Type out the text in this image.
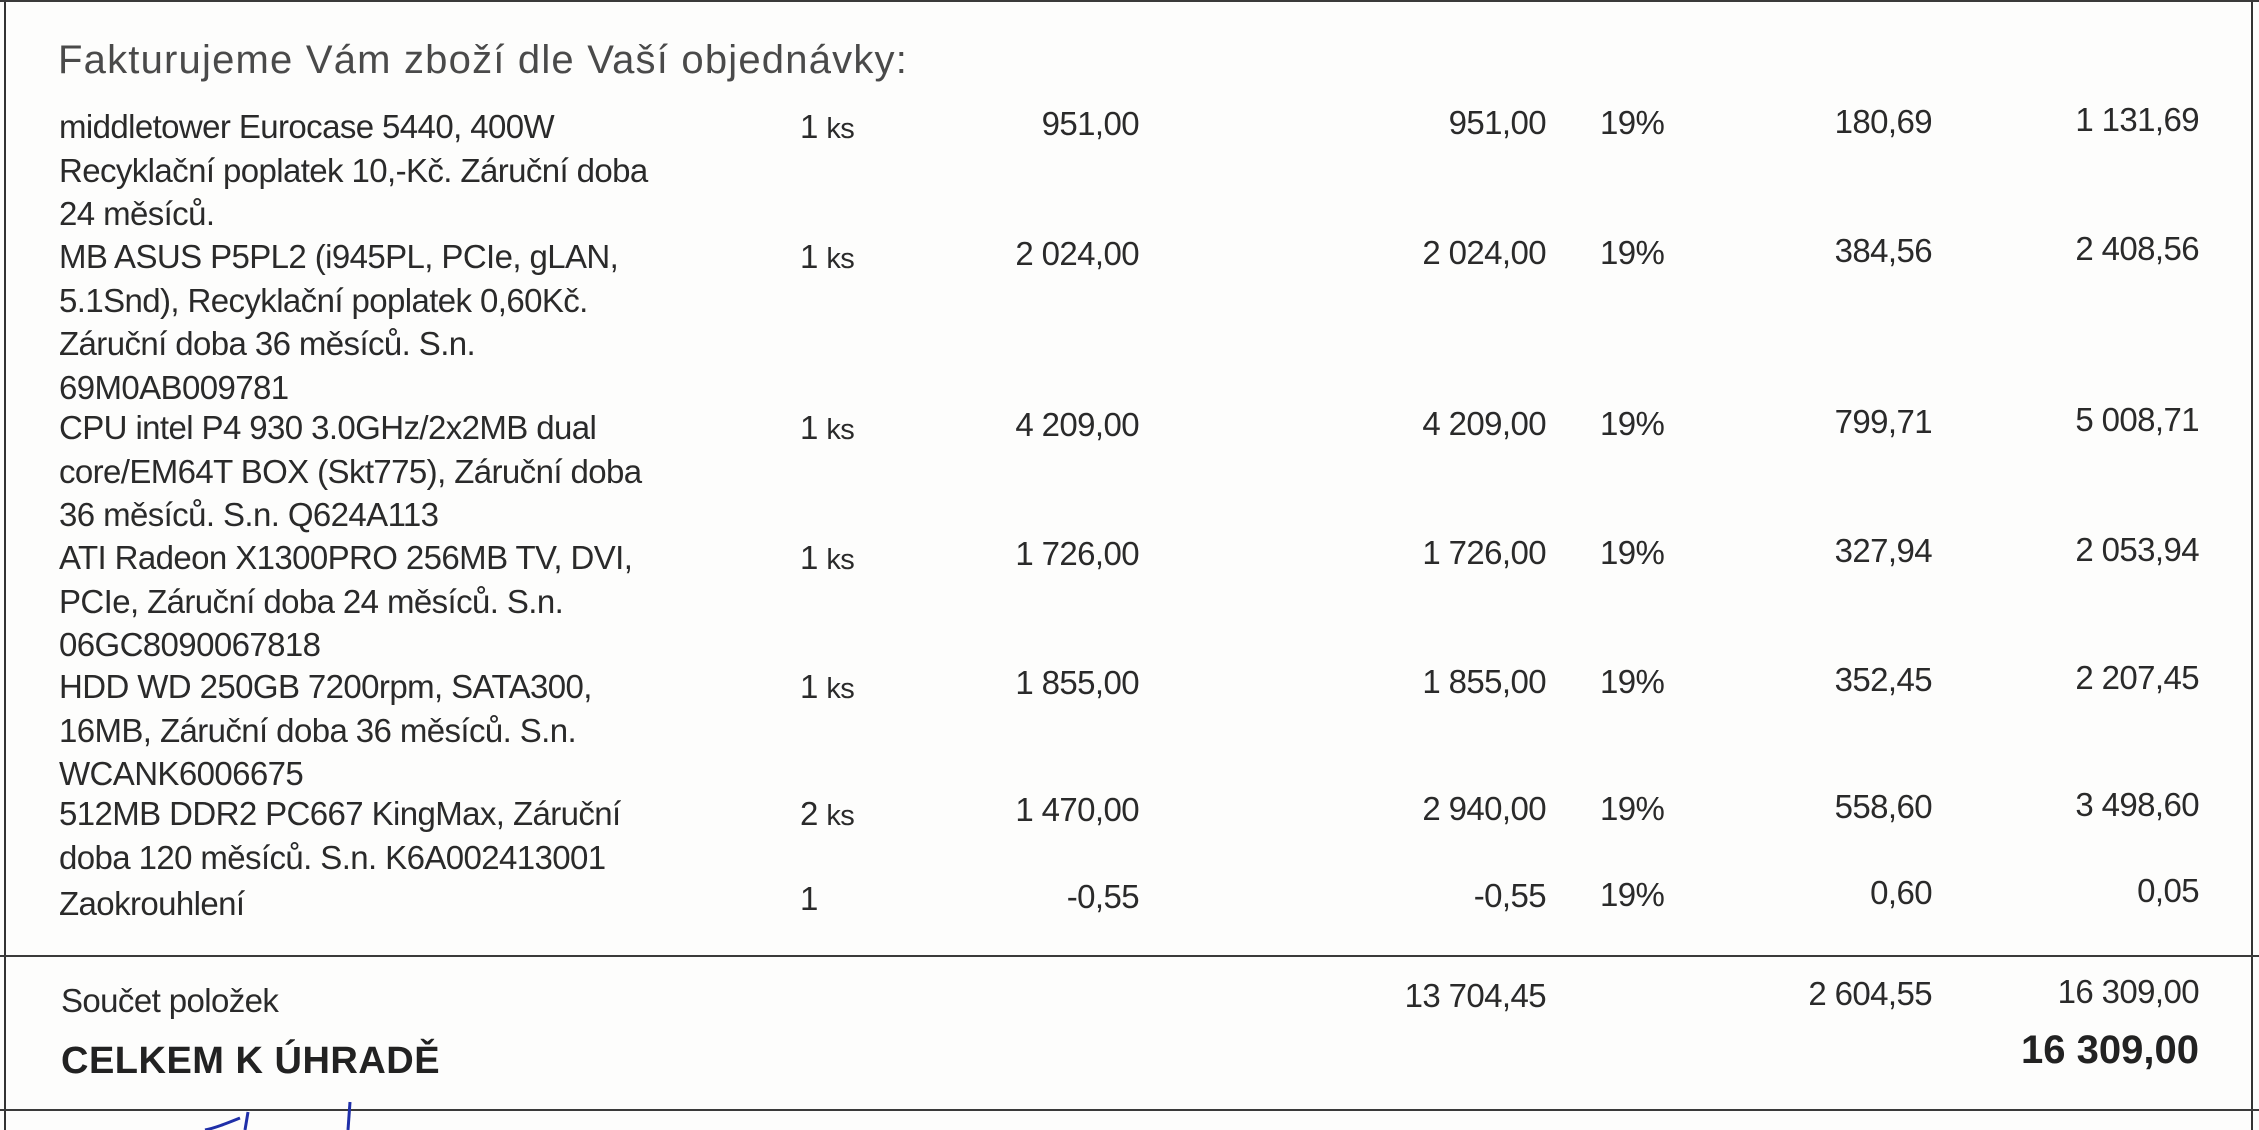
Fakturujeme Vám zboží dle Vaší objednávky:
middletower Eurocase 5440, 400W
Recyklační poplatek 10,-Kč. Záruční doba
24 měsíců.
1 ks	951,00	951,00 19%	180,69	1 131,69
MB ASUS P5PL2 (i945PL, PCIe, gLAN,
5.1Snd), Recyklační poplatek 0,60Kč.
Záruční doba 36 měsíců. S.n.
69M0AB009781
1 ks	2 024,00	2 024,00 19%	384,56	2 408,56
CPU intel P4 930 3.0GHz/2x2MB dual
core/EM64T BOX (Skt775), Záruční doba
36 měsíců. S.n. Q624A113
1 ks	4 209,00	4 209,00 19%	799,71	5 008,71
ATI Radeon X1300PRO 256MB TV, DVI,
PCIe, Záruční doba 24 měsíců. S.n.
06GC8090067818
1 ks	1 726,00	1 726,00 19%	327,94	2 053,94
HDD WD 250GB 7200rpm, SATA300,
16MB, Záruční doba 36 měsíců. S.n.
WCANK6006675
1 ks	1 855,00	1 855,00 19%	352,45	2 207,45
512MB DDR2 PC667 KingMax, Záruční
doba 120 měsíců. S.n. K6A002413001
2 ks	1 470,00	2 940,00 19%	558,60	3 498,60
Zaokrouhlení	1	-0,55	-0,55 19%	0,60	0,05
Součet položek	13 704,45	2 604,55	16 309,00
CELKEM K ÚHRADĚ	16 309,00
